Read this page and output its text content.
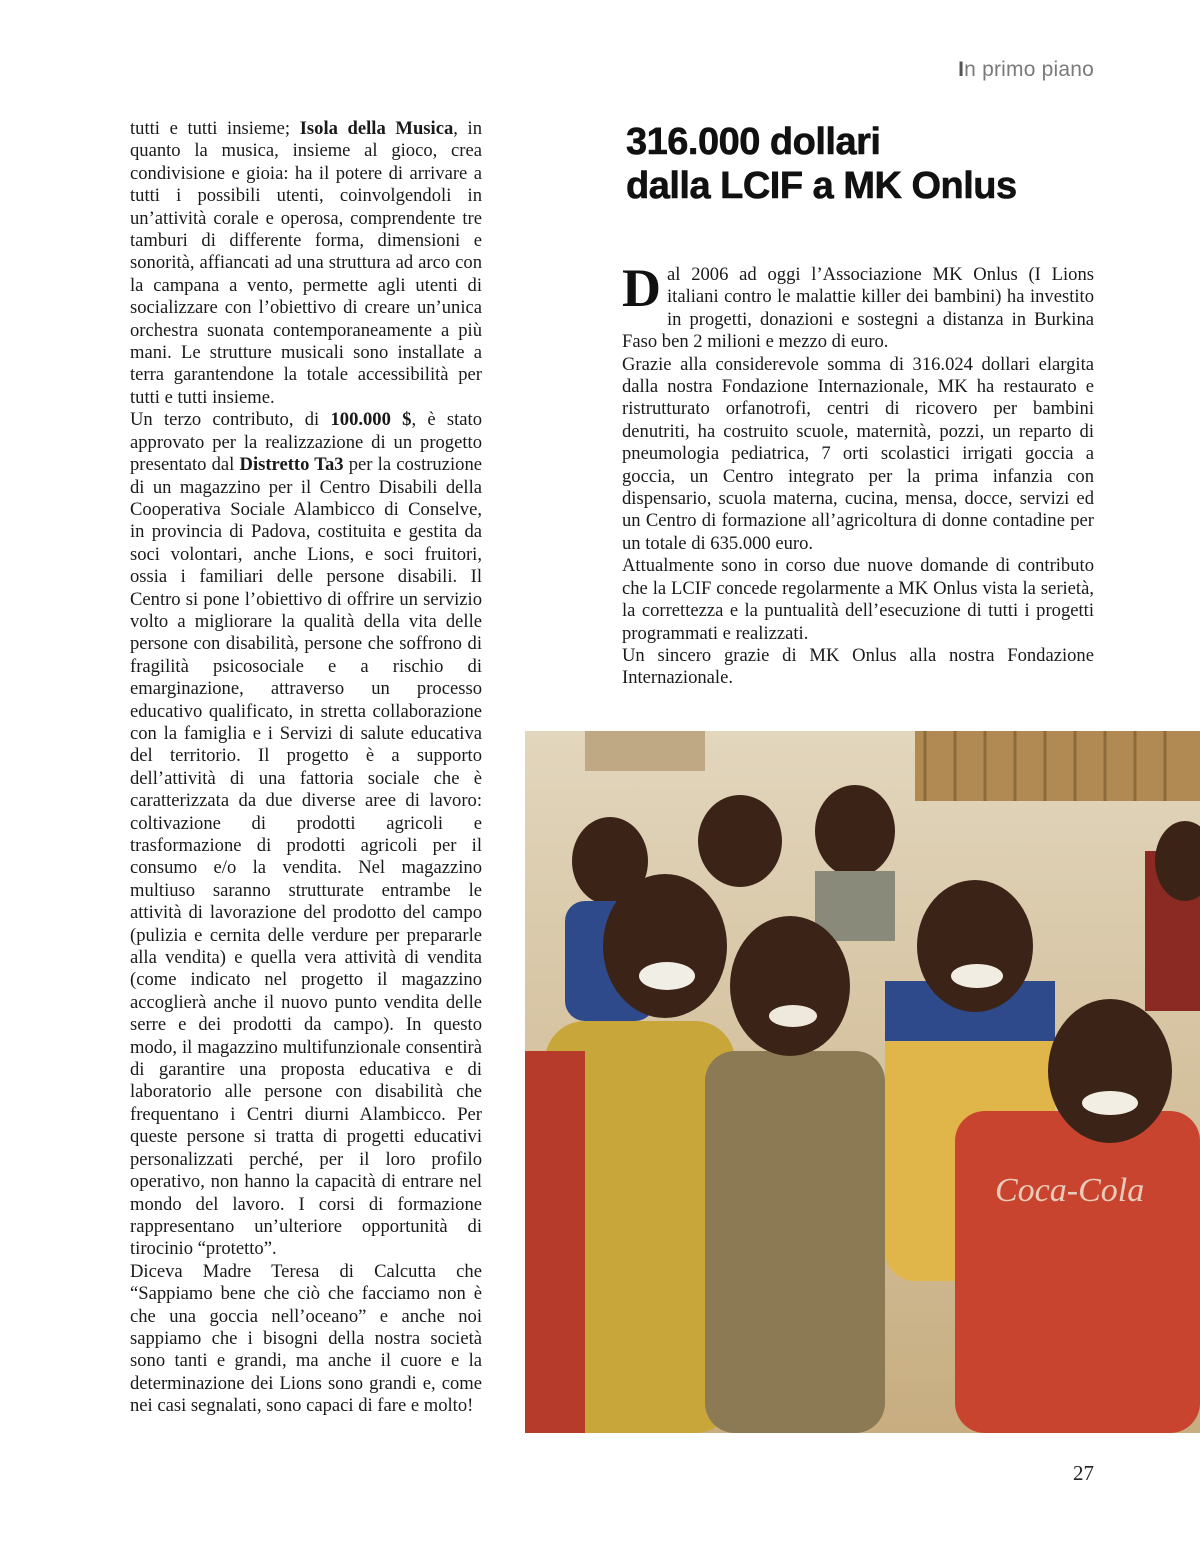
In primo piano

tutti e tutti insieme; Isola della Musica, in quanto la musica, insieme al gioco, crea condivisione e gioia: ha il potere di arrivare a tutti i possibili utenti, coinvolgendoli in un’attività corale e operosa, comprendente tre tamburi di differente forma, dimensioni e sonorità, affiancati ad una struttura ad arco con la campana a vento, permette agli utenti di socializzare con l’obiettivo di creare un’unica orchestra suonata contemporaneamente a più mani. Le strutture musicali sono installate a terra garantendone la totale accessibilità per tutti e tutti insieme.

Un terzo contributo, di 100.000 $, è stato approvato per la realizzazione di un progetto presentato dal Distretto Ta3 per la costruzione di un magazzino per il Centro Disabili della Cooperativa Sociale Alambicco di Conselve, in provincia di Padova, costituita e gestita da soci volontari, anche Lions, e soci fruitori, ossia i familiari delle persone disabili. Il Centro si pone l’obiettivo di offrire un servizio volto a migliorare la qualità della vita delle persone con disabilità, persone che soffrono di fragilità psicosociale e a rischio di emarginazione, attraverso un processo educativo qualificato, in stretta collaborazione con la famiglia e i Servizi di salute educativa del territorio. Il progetto è a supporto dell’attività di una fattoria sociale che è caratterizzata da due diverse aree di lavoro: coltivazione di prodotti agricoli e trasformazione di prodotti agricoli per il consumo e/o la vendita. Nel magazzino multiuso saranno strutturate entrambe le attività di lavorazione del prodotto del campo (pulizia e cernita delle verdure per prepararle alla vendita) e quella vera attività di vendita (come indicato nel progetto il magazzino accoglierà anche il nuovo punto vendita delle serre e dei prodotti da campo). In questo modo, il magazzino multifunzionale consentirà di garantire una proposta educativa e di laboratorio alle persone con disabilità che frequentano i Centri diurni Alambicco. Per queste persone si tratta di progetti educativi personalizzati perché, per il loro profilo operativo, non hanno la capacità di entrare nel mondo del lavoro. I corsi di formazione rappresentano un’ulteriore opportunità di tirocinio “protetto”.

Diceva Madre Teresa di Calcutta che “Sappiamo bene che ciò che facciamo non è che una goccia nell’oceano” e anche noi sappiamo che i bisogni della nostra società sono tanti e grandi, ma anche il cuore e la determinazione dei Lions sono grandi e, come nei casi segnalati, sono capaci di fare e molto!

316.000 dollari
dalla LCIF a MK Onlus

Dal 2006 ad oggi l’Associazione MK Onlus (I Lions italiani contro le malattie killer dei bambini) ha investito in progetti, donazioni e sostegni a distanza in Burkina Faso ben 2 milioni e mezzo di euro.

Grazie alla considerevole somma di 316.024 dollari elargita dalla nostra Fondazione Internazionale, MK ha restaurato e ristrutturato orfanotrofi, centri di ricovero per bambini denutriti, ha costruito scuole, maternità, pozzi, un reparto di pneumologia pediatrica, 7 orti scolastici irrigati goccia a goccia, un Centro integrato per la prima infanzia con dispensario, scuola materna, cucina, mensa, docce, servizi ed un Centro di formazione all’agricoltura di donne contadine per un totale di 635.000 euro.

Attualmente sono in corso due nuove domande di contributo che la LCIF concede regolarmente a MK Onlus vista la serietà, la correttezza e la puntualità dell’esecuzione di tutti i progetti programmati e realizzati.

Un sincero grazie di MK Onlus alla nostra Fondazione Internazionale.

Coca-Cola
27
